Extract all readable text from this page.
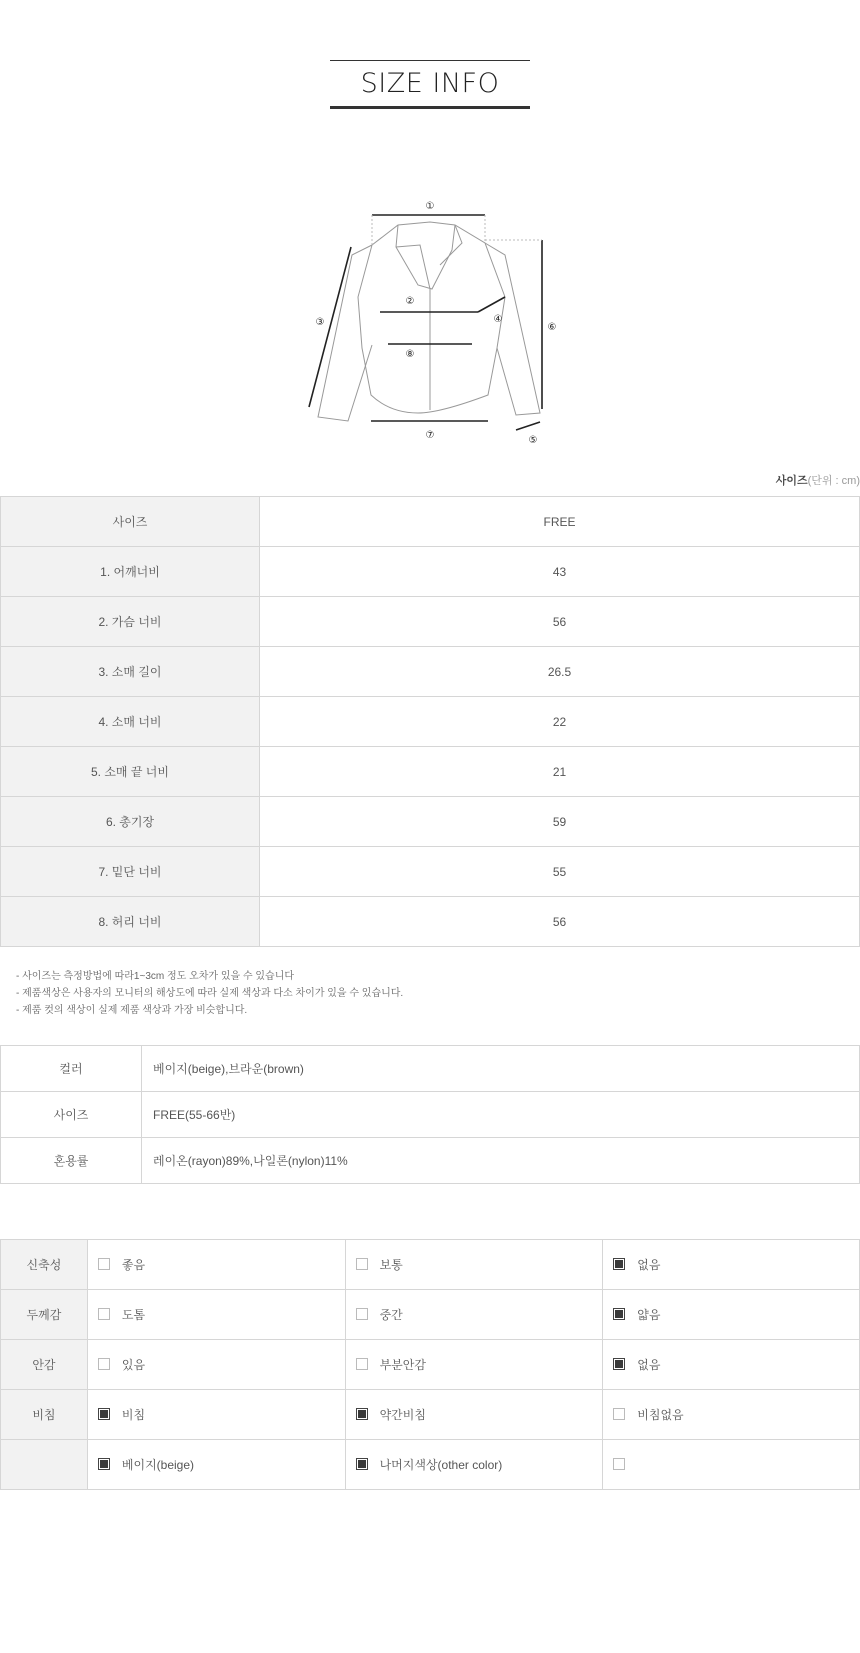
SIZE INFO
①
②
③	④
⑤
⑥
⑦
⑧
사이즈(단위 : cm)
사이즈	FREE
1. 어깨너비	43
2. 가슴 너비	56
3. 소매 길이	26.5
4. 소매 너비	22
5. 소매 끝 너비	21
6. 총기장	59
7. 밑단 너비	55
8. 허리 너비	56
- 사이즈는 측정방법에 따라1~3cm 정도 오차가 있을 수 있습니다
- 제품색상은 사용자의 모니터의 해상도에 따라 실제 색상과 다소 차이가 있을 수 있습니다.
- 제품 컷의 색상이 실제 제품 색상과 가장 비슷합니다.
컬러	베이지(beige),브라운(brown)
사이즈	FREE(55-66반)
혼용률	레이온(rayon)89%,나일론(nylon)11%
신축성	좋음	보통	없음
두께감	도톰	중간	얇음
안감	있음	부분안감	없음
비침	비침	약간비침	비침없음
	베이지(beige)	나머지색상(other color)	
